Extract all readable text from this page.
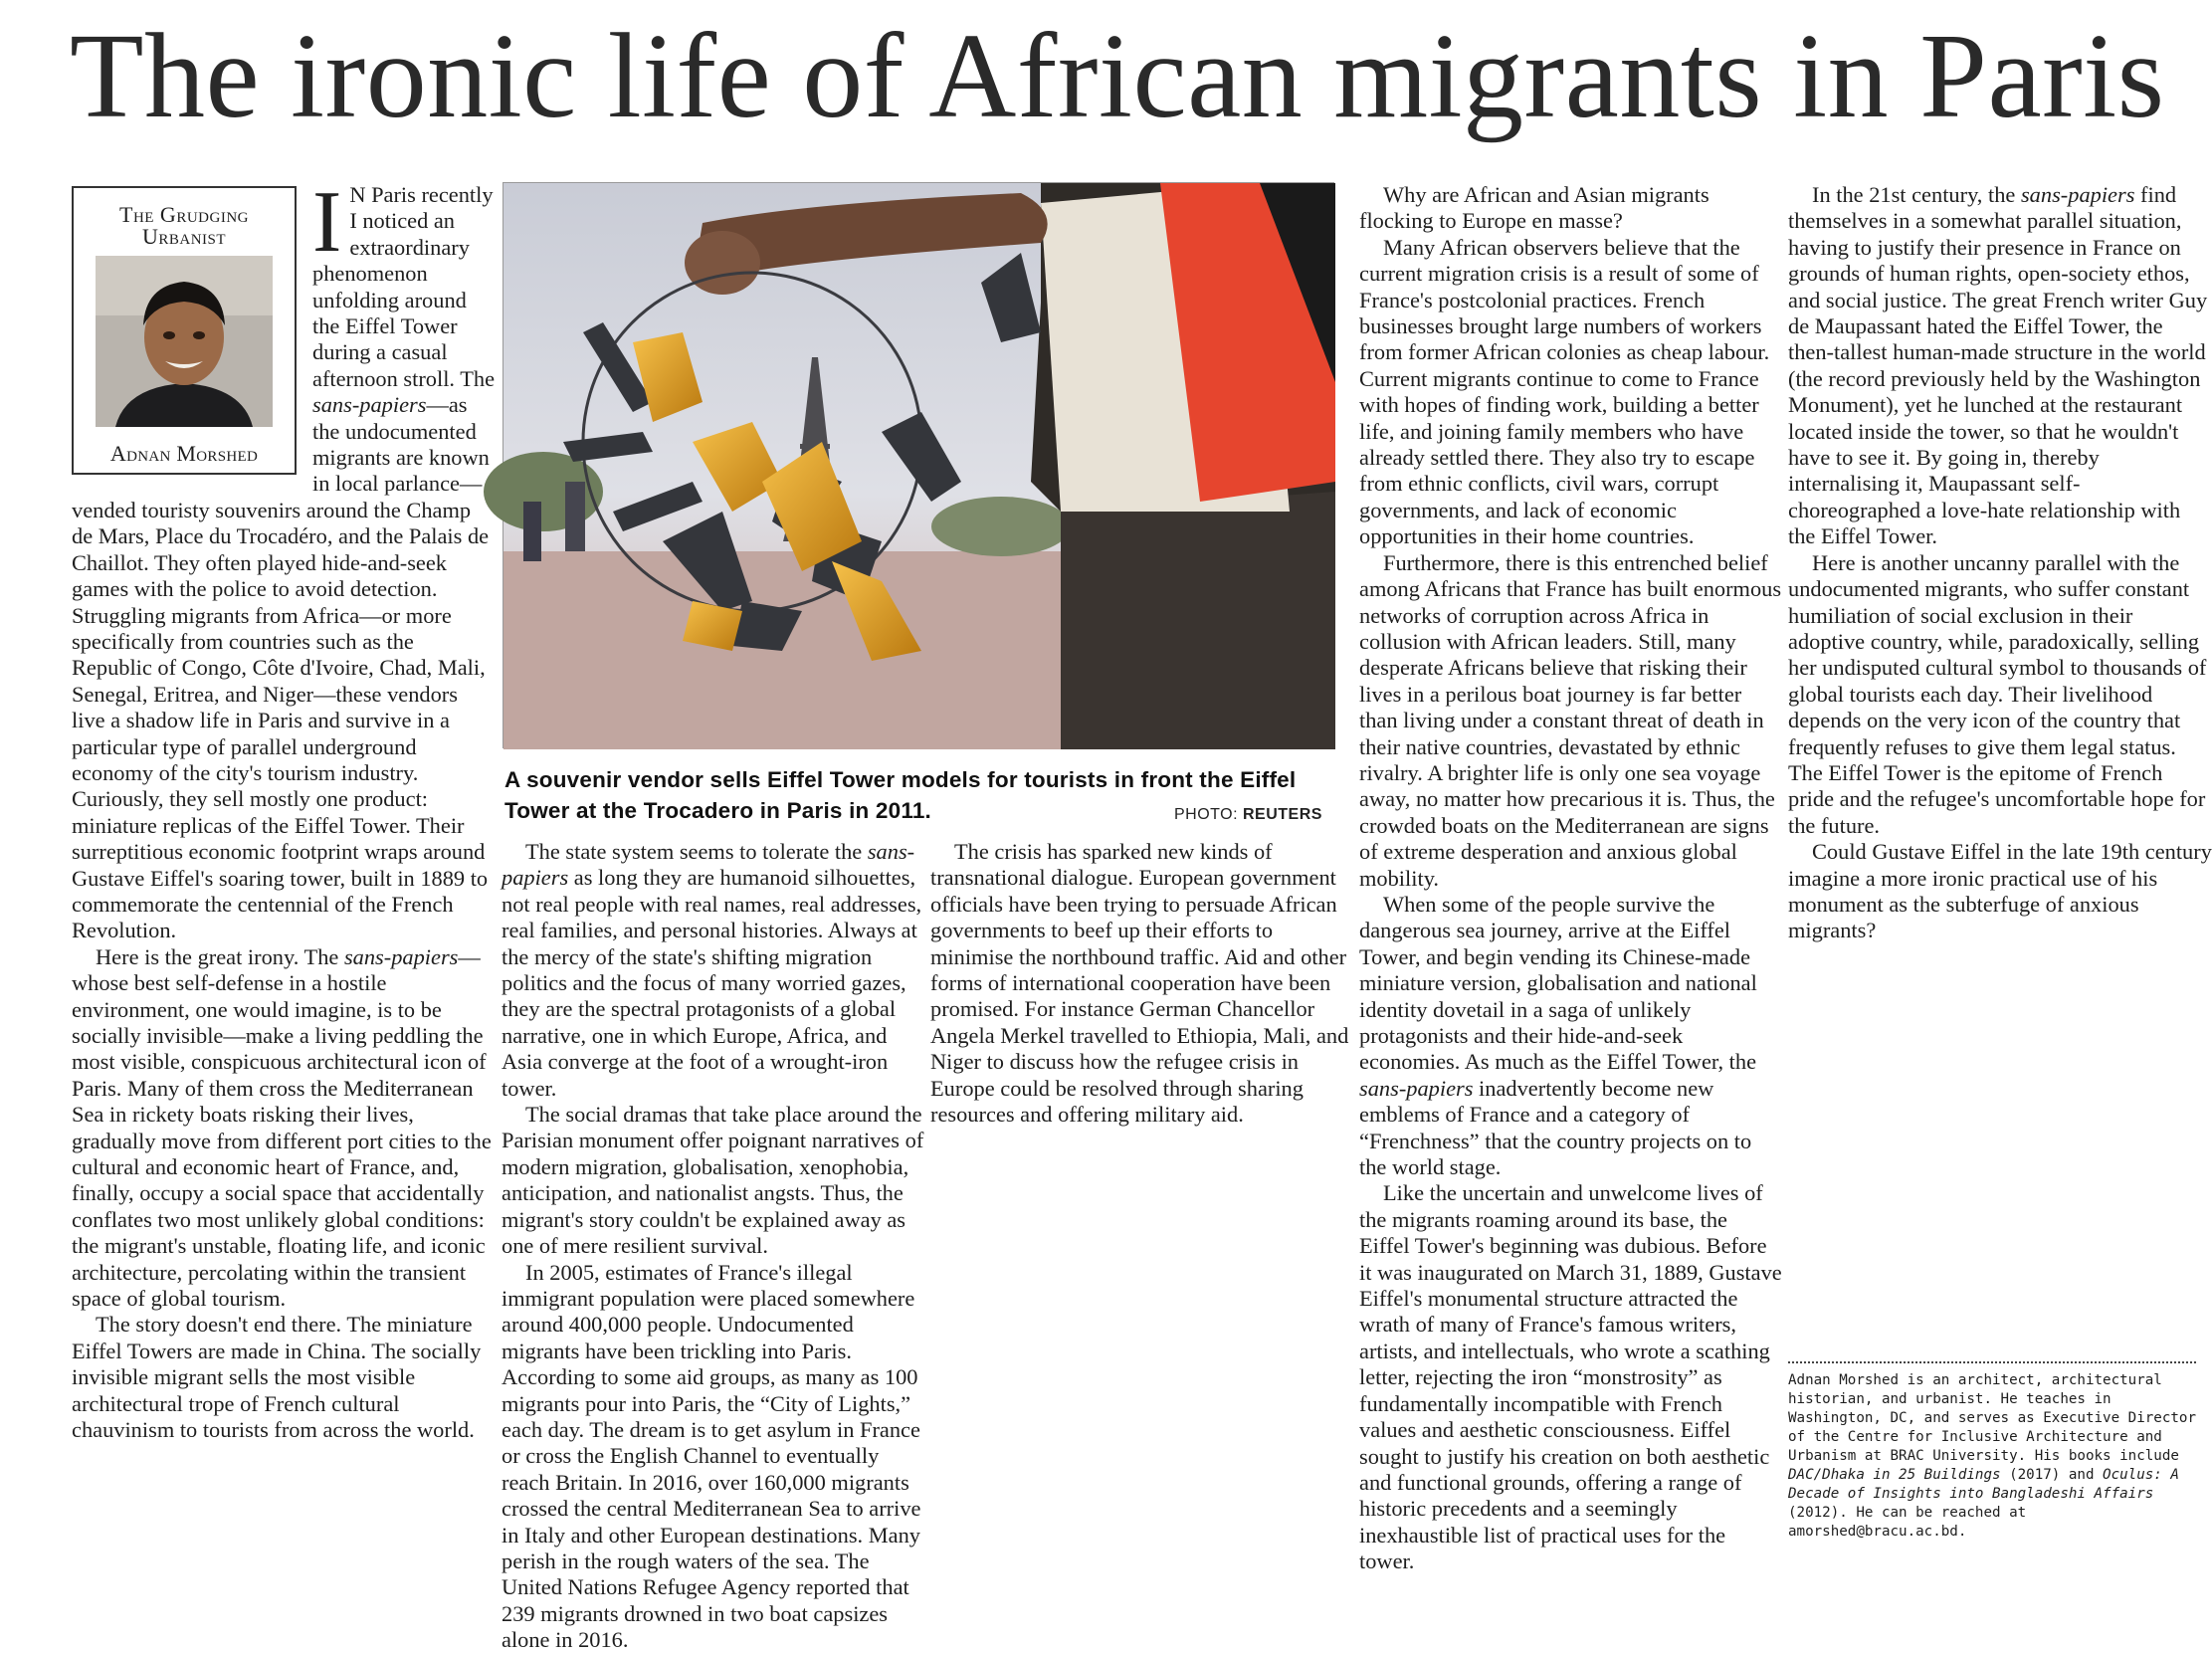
The ironic life of African migrants in Paris
The Grudging Urbanist
Adnan Morshed

I N Paris recently I noticed an extraordinary phenomenon unfolding around the Eiffel Tower during a casual afternoon stroll. The sans-papiers—as the undocumented migrants are known in local parlance—vended touristy souvenirs around the Champ de Mars, Place du Trocadéro, and the Palais de Chaillot. They often played hide-and-seek games with the police to avoid detection. Struggling migrants from Africa—or more specifically from countries such as the Republic of Congo, Côte d'Ivoire, Chad, Mali, Senegal, Eritrea, and Niger—these vendors live a shadow life in Paris and survive in a particular type of parallel underground economy of the city's tourism industry. Curiously, they sell mostly one product: miniature replicas of the Eiffel Tower. Their surreptitious economic footprint wraps around Gustave Eiffel's soaring tower, built in 1889 to commemorate the centennial of the French Revolution.

Here is the great irony. The sans-papiers—whose best self-defense in a hostile environment, one would imagine, is to be socially invisible—make a living peddling the most visible, conspicuous architectural icon of Paris. Many of them cross the Mediterranean Sea in rickety boats risking their lives, gradually move from different port cities to the cultural and economic heart of France, and, finally, occupy a social space that accidentally conflates two most unlikely global conditions: the migrant's unstable, floating life, and iconic architecture, percolating within the transient space of global tourism.

The story doesn't end there. The miniature Eiffel Towers are made in China. The socially invisible migrant sells the most visible architectural trope of French cultural chauvinism to tourists from across the world.

A souvenir vendor sells Eiffel Tower models for tourists in front the Eiffel Tower at the Trocadero in Paris in 2011.	PHOTO: REUTERS

The state system seems to tolerate the sans-papiers as long they are humanoid silhouettes, not real people with real names, real addresses, real families, and personal histories. Always at the mercy of the state's shifting migration politics and the focus of many worried gazes, they are the spectral protagonists of a global narrative, one in which Europe, Africa, and Asia converge at the foot of a wrought-iron tower.

The social dramas that take place around the Parisian monument offer poignant narratives of modern migration, globalisation, xenophobia, anticipation, and nationalist angsts. Thus, the migrant's story couldn't be explained away as one of mere resilient survival.

In 2005, estimates of France's illegal immigrant population were placed somewhere around 400,000 people. Undocumented migrants have been trickling into Paris. According to some aid groups, as many as 100 migrants pour into Paris, the “City of Lights,” each day. The dream is to get asylum in France or cross the English Channel to eventually reach Britain. In 2016, over 160,000 migrants crossed the central Mediterranean Sea to arrive in Italy and other European destinations. Many perish in the rough waters of the sea. The United Nations Refugee Agency reported that 239 migrants drowned in two boat capsizes alone in 2016.

The crisis has sparked new kinds of transnational dialogue. European government officials have been trying to persuade African governments to beef up their efforts to minimise the northbound traffic. Aid and other forms of international cooperation have been promised. For instance German Chancellor Angela Merkel travelled to Ethiopia, Mali, and Niger to discuss how the refugee crisis in Europe could be resolved through sharing resources and offering military aid.

Why are African and Asian migrants flocking to Europe en masse?

Many African observers believe that the current migration crisis is a result of some of France's postcolonial practices. French businesses brought large numbers of workers from former African colonies as cheap labour. Current migrants continue to come to France with hopes of finding work, building a better life, and joining family members who have already settled there. They also try to escape from ethnic conflicts, civil wars, corrupt governments, and lack of economic opportunities in their home countries.

Furthermore, there is this entrenched belief among Africans that France has built enormous networks of corruption across Africa in collusion with African leaders. Still, many desperate Africans believe that risking their lives in a perilous boat journey is far better than living under a constant threat of death in their native countries, devastated by ethnic rivalry. A brighter life is only one sea voyage away, no matter how precarious it is. Thus, the crowded boats on the Mediterranean are signs of extreme desperation and anxious global mobility.

When some of the people survive the dangerous sea journey, arrive at the Eiffel Tower, and begin vending its Chinese-made miniature version, globalisation and national identity dovetail in a saga of unlikely protagonists and their hide-and-seek economies. As much as the Eiffel Tower, the sans-papiers inadvertently become new emblems of France and a category of “Frenchness” that the country projects on to the world stage.

Like the uncertain and unwelcome lives of the migrants roaming around its base, the Eiffel Tower's beginning was dubious. Before it was inaugurated on March 31, 1889, Gustave Eiffel's monumental structure attracted the wrath of many of France's famous writers, artists, and intellectuals, who wrote a scathing letter, rejecting the iron “monstrosity” as fundamentally incompatible with French values and aesthetic consciousness. Eiffel sought to justify his creation on both aesthetic and functional grounds, offering a range of historic precedents and a seemingly inexhaustible list of practical uses for the tower.

In the 21st century, the sans-papiers find themselves in a somewhat parallel situation, having to justify their presence in France on grounds of human rights, open-society ethos, and social justice. The great French writer Guy de Maupassant hated the Eiffel Tower, the then-tallest human-made structure in the world (the record previously held by the Washington Monument), yet he lunched at the restaurant located inside the tower, so that he wouldn't have to see it. By going in, thereby internalising it, Maupassant self-choreographed a love-hate relationship with the Eiffel Tower.

Here is another uncanny parallel with the undocumented migrants, who suffer constant humiliation of social exclusion in their adoptive country, while, paradoxically, selling her undisputed cultural symbol to thousands of global tourists each day. Their livelihood depends on the very icon of the country that frequently refuses to give them legal status. The Eiffel Tower is the epitome of French pride and the refugee's uncomfortable hope for the future.

Could Gustave Eiffel in the late 19th century imagine a more ironic practical use of his monument as the subterfuge of anxious migrants?

Adnan Morshed is an architect, architectural historian, and urbanist. He teaches in Washington, DC, and serves as Executive Director of the Centre for Inclusive Architecture and Urbanism at BRAC University. His books include DAC/Dhaka in 25 Buildings (2017) and Oculus: A Decade of Insights into Bangladeshi Affairs (2012). He can be reached at amorshed@bracu.ac.bd.
